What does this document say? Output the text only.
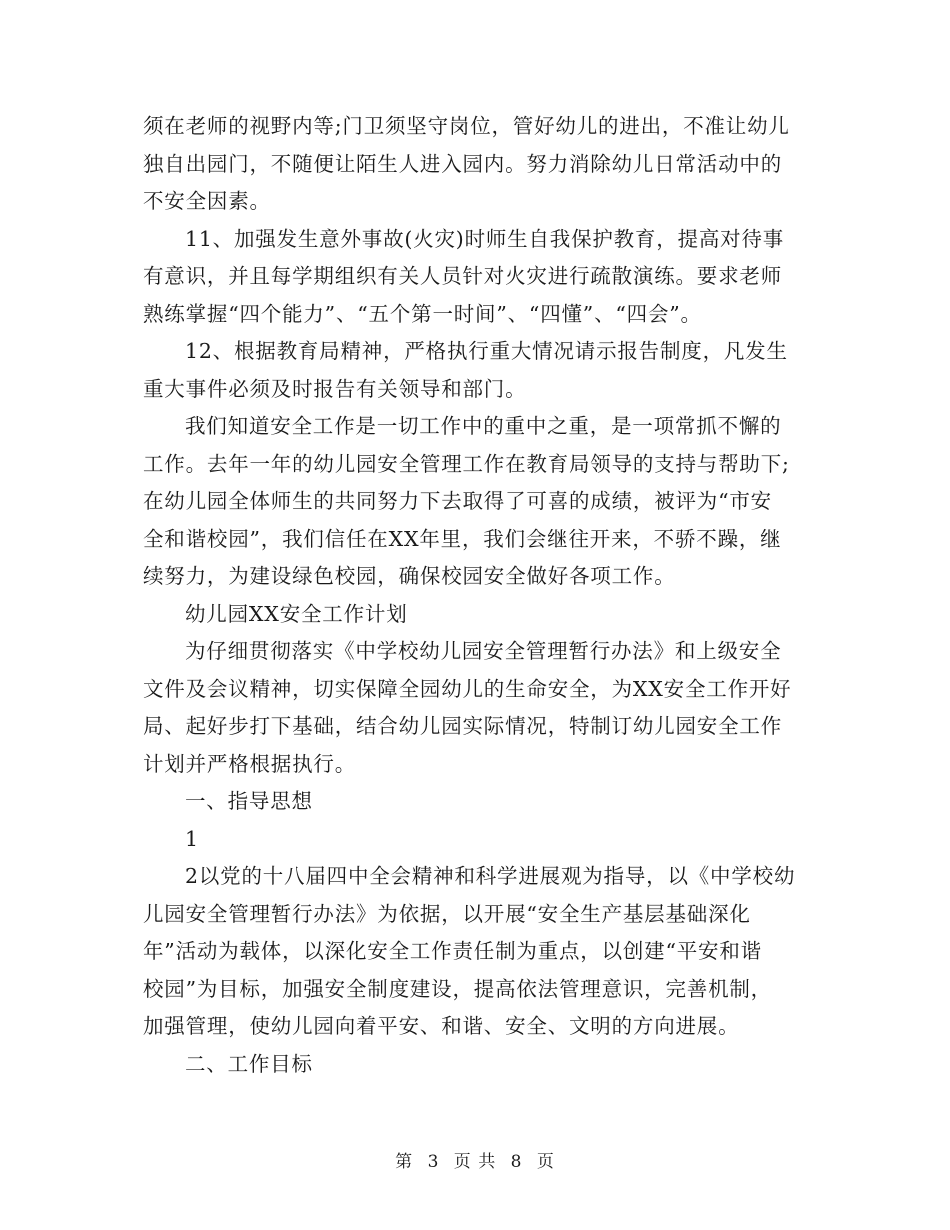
须在老师的视野内等;门卫须坚守岗位，管好幼儿的进出，不准让幼儿
独自出园门，不随便让陌生人进入园内。努力消除幼儿日常活动中的
不安全因素。
11、加强发生意外事故(火灾)时师生自我保护教育，提高对待事
有意识，并且每学期组织有关人员针对火灾进行疏散演练。要求老师
熟练掌握“四个能力”、“五个第一时间”、“四懂”、“四会”。
12、根据教育局精神，严格执行重大情况请示报告制度，凡发生
重大事件必须及时报告有关领导和部门。
我们知道安全工作是一切工作中的重中之重，是一项常抓不懈的
工作。去年一年的幼儿园安全管理工作在教育局领导的支持与帮助下;
在幼儿园全体师生的共同努力下去取得了可喜的成绩，被评为“市安
全和谐校园”，我们信任在XX年里，我们会继往开来，不骄不躁，继
续努力，为建设绿色校园，确保校园安全做好各项工作。
幼儿园XX安全工作计划
为仔细贯彻落实《中学校幼儿园安全管理暂行办法》和上级安全
文件及会议精神，切实保障全园幼儿的生命安全，为XX安全工作开好
局、起好步打下基础，结合幼儿园实际情况，特制订幼儿园安全工作
计划并严格根据执行。
一、指导思想
1
2以党的十八届四中全会精神和科学进展观为指导，以《中学校幼
儿园安全管理暂行办法》为依据，以开展“安全生产基层基础深化
年”活动为载体，以深化安全工作责任制为重点，以创建“平安和谐
校园”为目标，加强安全制度建设，提高依法管理意识，完善机制，
加强管理，使幼儿园向着平安、和谐、安全、文明的方向进展。
二、工作目标
第 3 页 共 8 页
